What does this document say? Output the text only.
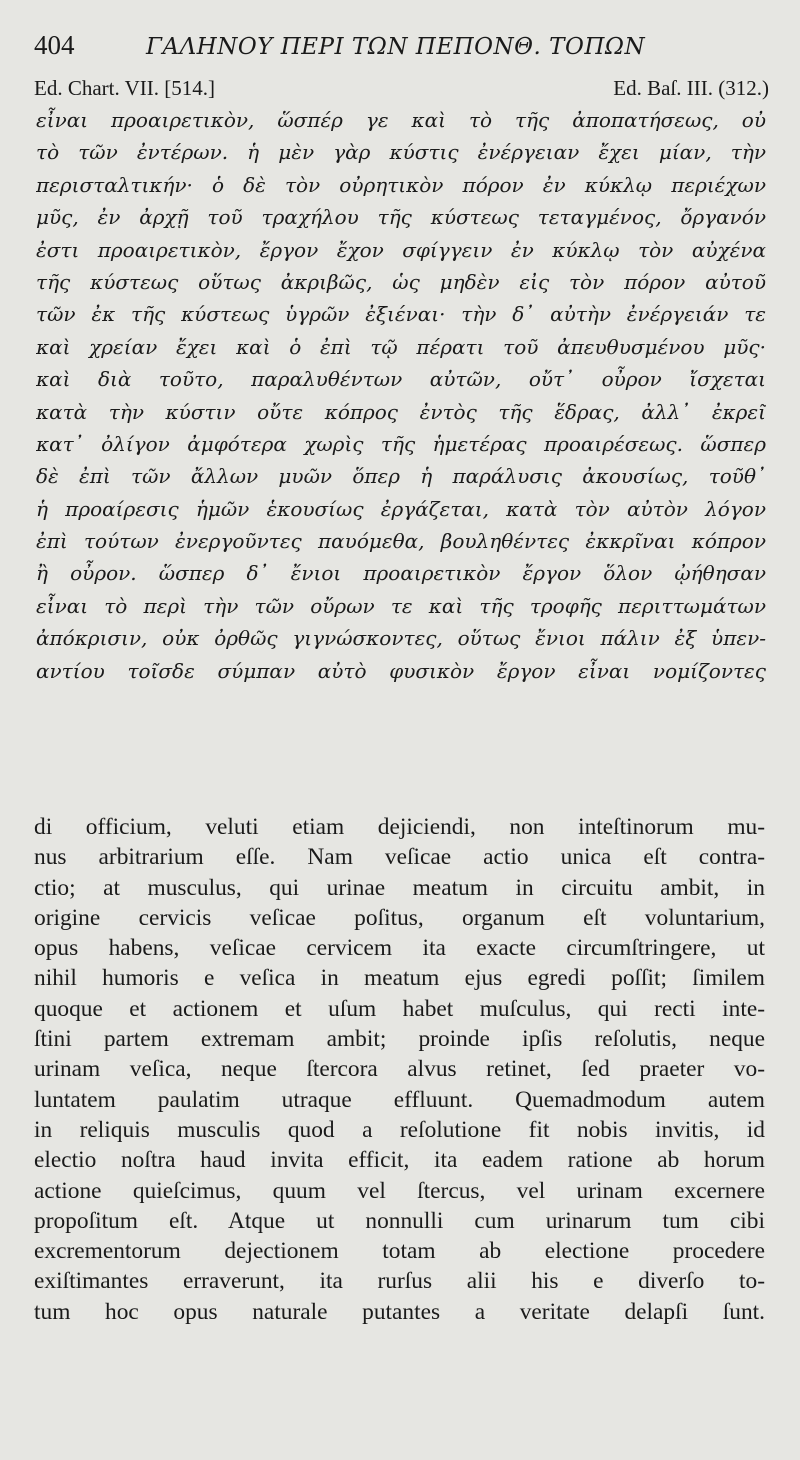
404	ΓΑΛΗΝΟΥ ΠΕΡΙ ΤΩΝ ΠΕΠΟΝΘ. ΤΟΠΩΝ
Ed. Chart. VII. [514.]	Ed. Baſ. III. (312.)
εἶναι προαιρετικὸν, ὥσπέρ γε καὶ τὸ τῆς ἀποπατήσεως, οὐ
τὸ τῶν ἐντέρων. ἡ μὲν γὰρ κύστις ἐνέργειαν ἔχει μίαν, τὴν
περισταλτικήν· ὁ δὲ τὸν οὐρητικὸν πόρον ἐν κύκλῳ περιέχων
μῦς, ἐν ἀρχῇ τοῦ τραχήλου τῆς κύστεως τεταγμένος, ὄργανόν
ἐστι προαιρετικὸν, ἔργον ἔχον σφίγγειν ἐν κύκλῳ τὸν αὐχένα
τῆς κύστεως οὕτως ἀκριβῶς, ὡς μηδὲν εἰς τὸν πόρον αὐτοῦ
τῶν ἐκ τῆς κύστεως ὑγρῶν ἐξιέναι· τὴν δ᾽ αὐτὴν ἐνέργειάν τε
καὶ χρείαν ἔχει καὶ ὁ ἐπὶ τῷ πέρατι τοῦ ἀπευθυσμένου μῦς·
καὶ διὰ τοῦτο, παραλυθέντων αὐτῶν, οὔτ᾽ οὖρον ἴσχεται
κατὰ τὴν κύστιν οὔτε κόπρος ἐντὸς τῆς ἕδρας, ἀλλ᾽ ἐκρεῖ
κατ᾽ ὀλίγον ἀμφότερα χωρὶς τῆς ἡμετέρας προαιρέσεως. ὥσπερ
δὲ ἐπὶ τῶν ἄλλων μυῶν ὅπερ ἡ παράλυσις ἀκουσίως, τοῦθ᾽
ἡ προαίρεσις ἡμῶν ἑκουσίως ἐργάζεται, κατὰ τὸν αὐτὸν λόγον
ἐπὶ τούτων ἐνεργοῦντες παυόμεθα, βουληθέντες ἐκκρῖναι κόπρον
ἢ οὖρον. ὥσπερ δ᾽ ἔνιοι προαιρετικὸν ἔργον ὅλον ᾠήθησαν
εἶναι τὸ περὶ τὴν τῶν οὔρων τε καὶ τῆς τροφῆς περιττωμάτων
ἀπόκρισιν, οὐκ ὀρθῶς γιγνώσκοντες, οὕτως ἔνιοι πάλιν ἐξ ὑπεν-
αντίου τοῖσδε σύμπαν αὐτὸ φυσικὸν ἔργον εἶναι νομίζοντες
di officium, veluti etiam dejiciendi, non inteſtinorum mu-
nus arbitrarium eſſe. Nam veſicae actio unica eſt contra-
ctio; at musculus, qui urinae meatum in circuitu ambit, in
origine cervicis veſicae poſitus, organum eſt voluntarium,
opus habens, veſicae cervicem ita exacte circumſtringere, ut
nihil humoris e veſica in meatum ejus egredi poſſit; ſimilem
quoque et actionem et uſum habet muſculus, qui recti inte-
ſtini partem extremam ambit; proinde ipſis reſolutis, neque
urinam veſica, neque ſtercora alvus retinet, ſed praeter vo-
luntatem paulatim utraque effluunt. Quemadmodum autem
in reliquis musculis quod a reſolutione fit nobis invitis, id
electio noſtra haud invita efficit, ita eadem ratione ab horum
actione quieſcimus, quum vel ſtercus, vel urinam excernere
propoſitum eſt. Atque ut nonnulli cum urinarum tum cibi
excrementorum dejectionem totam ab electione procedere
exiſtimantes erraverunt, ita rurſus alii his e diverſo to-
tum hoc opus naturale putantes a veritate delapſi ſunt.
